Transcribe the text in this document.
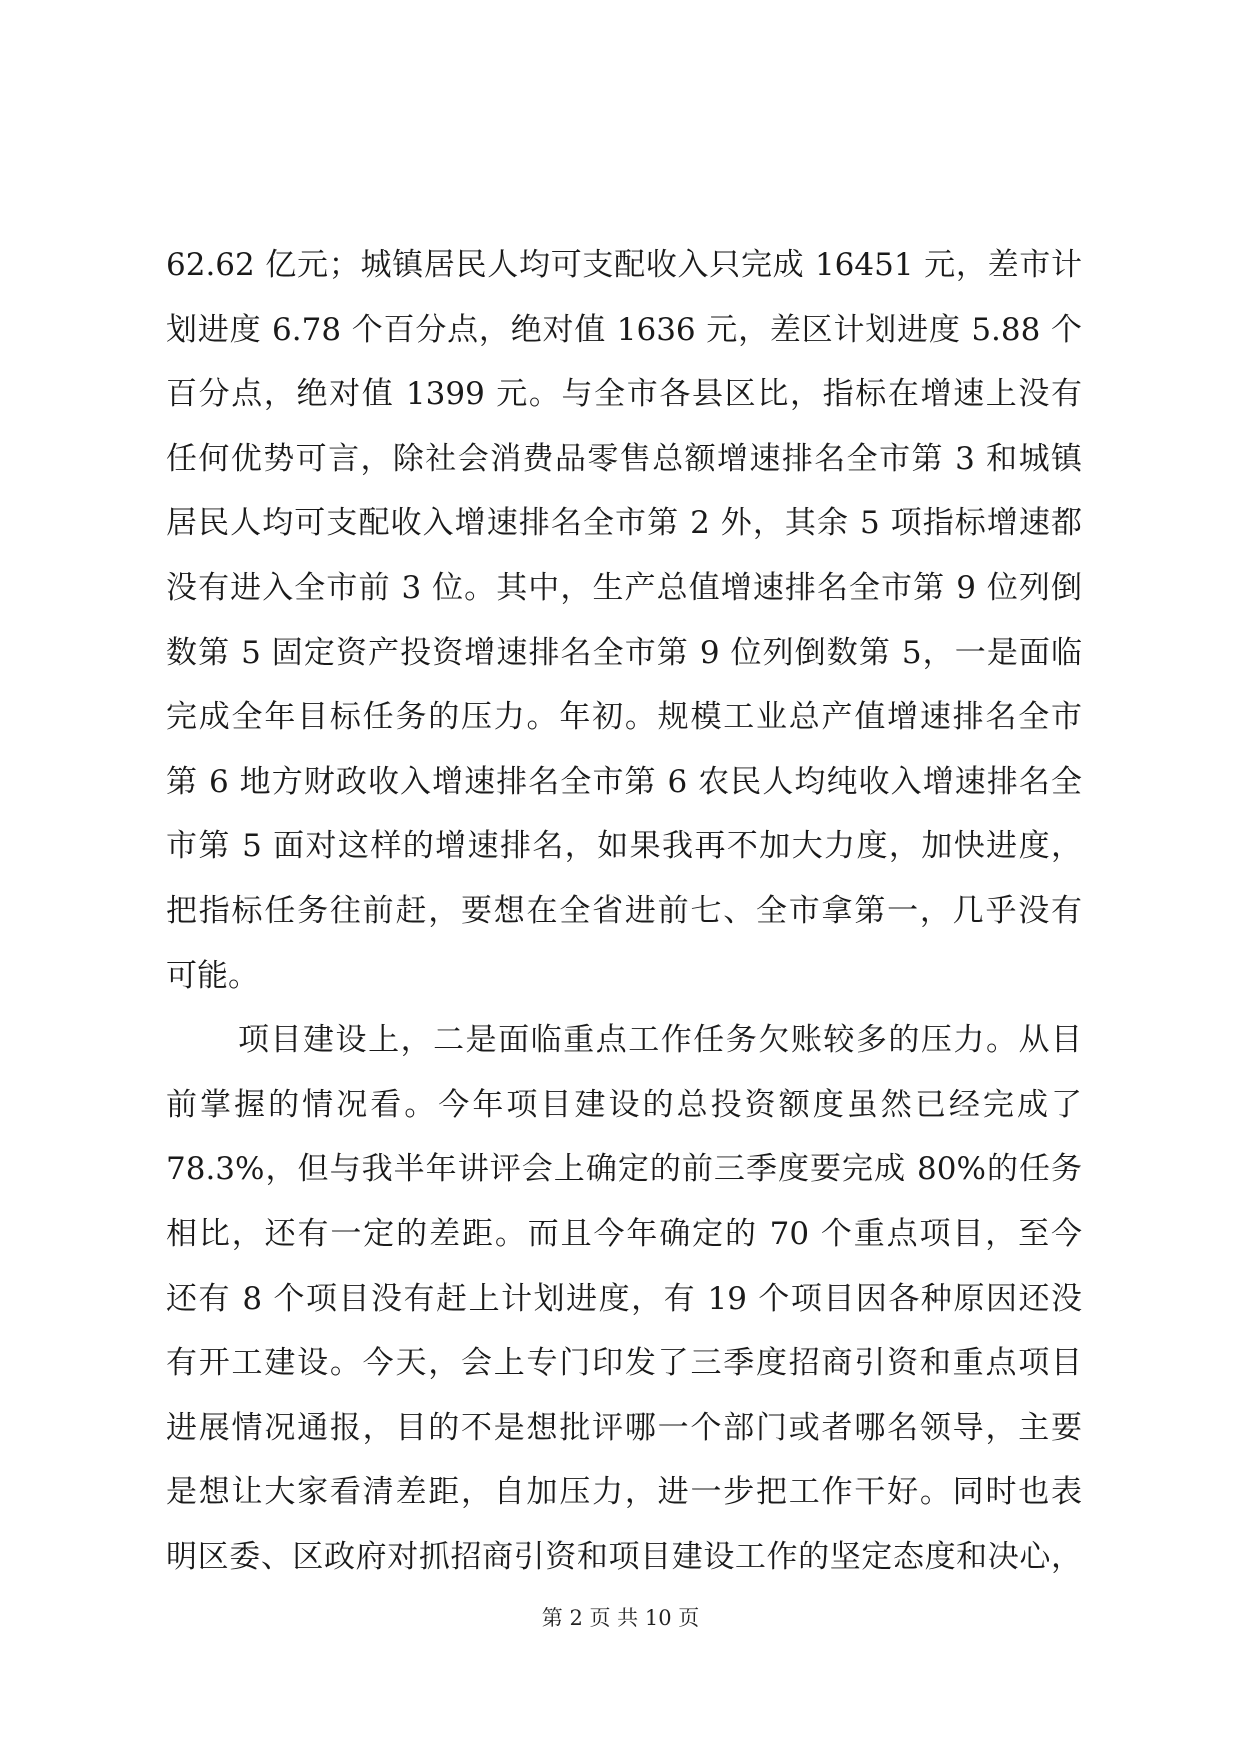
62.62 亿元；城镇居民人均可支配收入只完成 16451 元，差市计
划进度 6.78 个百分点，绝对值 1636 元，差区计划进度 5.88 个
百分点，绝对值 1399 元。与全市各县区比，指标在增速上没有
任何优势可言，除社会消费品零售总额增速排名全市第 3 和城镇
居民人均可支配收入增速排名全市第 2 外，其余 5 项指标增速都
没有进入全市前 3 位。其中，生产总值增速排名全市第 9 位列倒
数第 5 固定资产投资增速排名全市第 9 位列倒数第 5，一是面临
完成全年目标任务的压力。年初。规模工业总产值增速排名全市
第 6 地方财政收入增速排名全市第 6 农民人均纯收入增速排名全
市第 5 面对这样的增速排名，如果我再不加大力度，加快进度，
把指标任务往前赶，要想在全省进前七、全市拿第一，几乎没有
可能。
项目建设上，二是面临重点工作任务欠账较多的压力。从目
前掌握的情况看。今年项目建设的总投资额度虽然已经完成了
78.3%，但与我半年讲评会上确定的前三季度要完成 80%的任务
相比，还有一定的差距。而且今年确定的 70 个重点项目，至今
还有 8 个项目没有赶上计划进度，有 19 个项目因各种原因还没
有开工建设。今天，会上专门印发了三季度招商引资和重点项目
进展情况通报，目的不是想批评哪一个部门或者哪名领导，主要
是想让大家看清差距，自加压力，进一步把工作干好。同时也表
明区委、区政府对抓招商引资和项目建设工作的坚定态度和决心，
第 2 页 共 10 页
